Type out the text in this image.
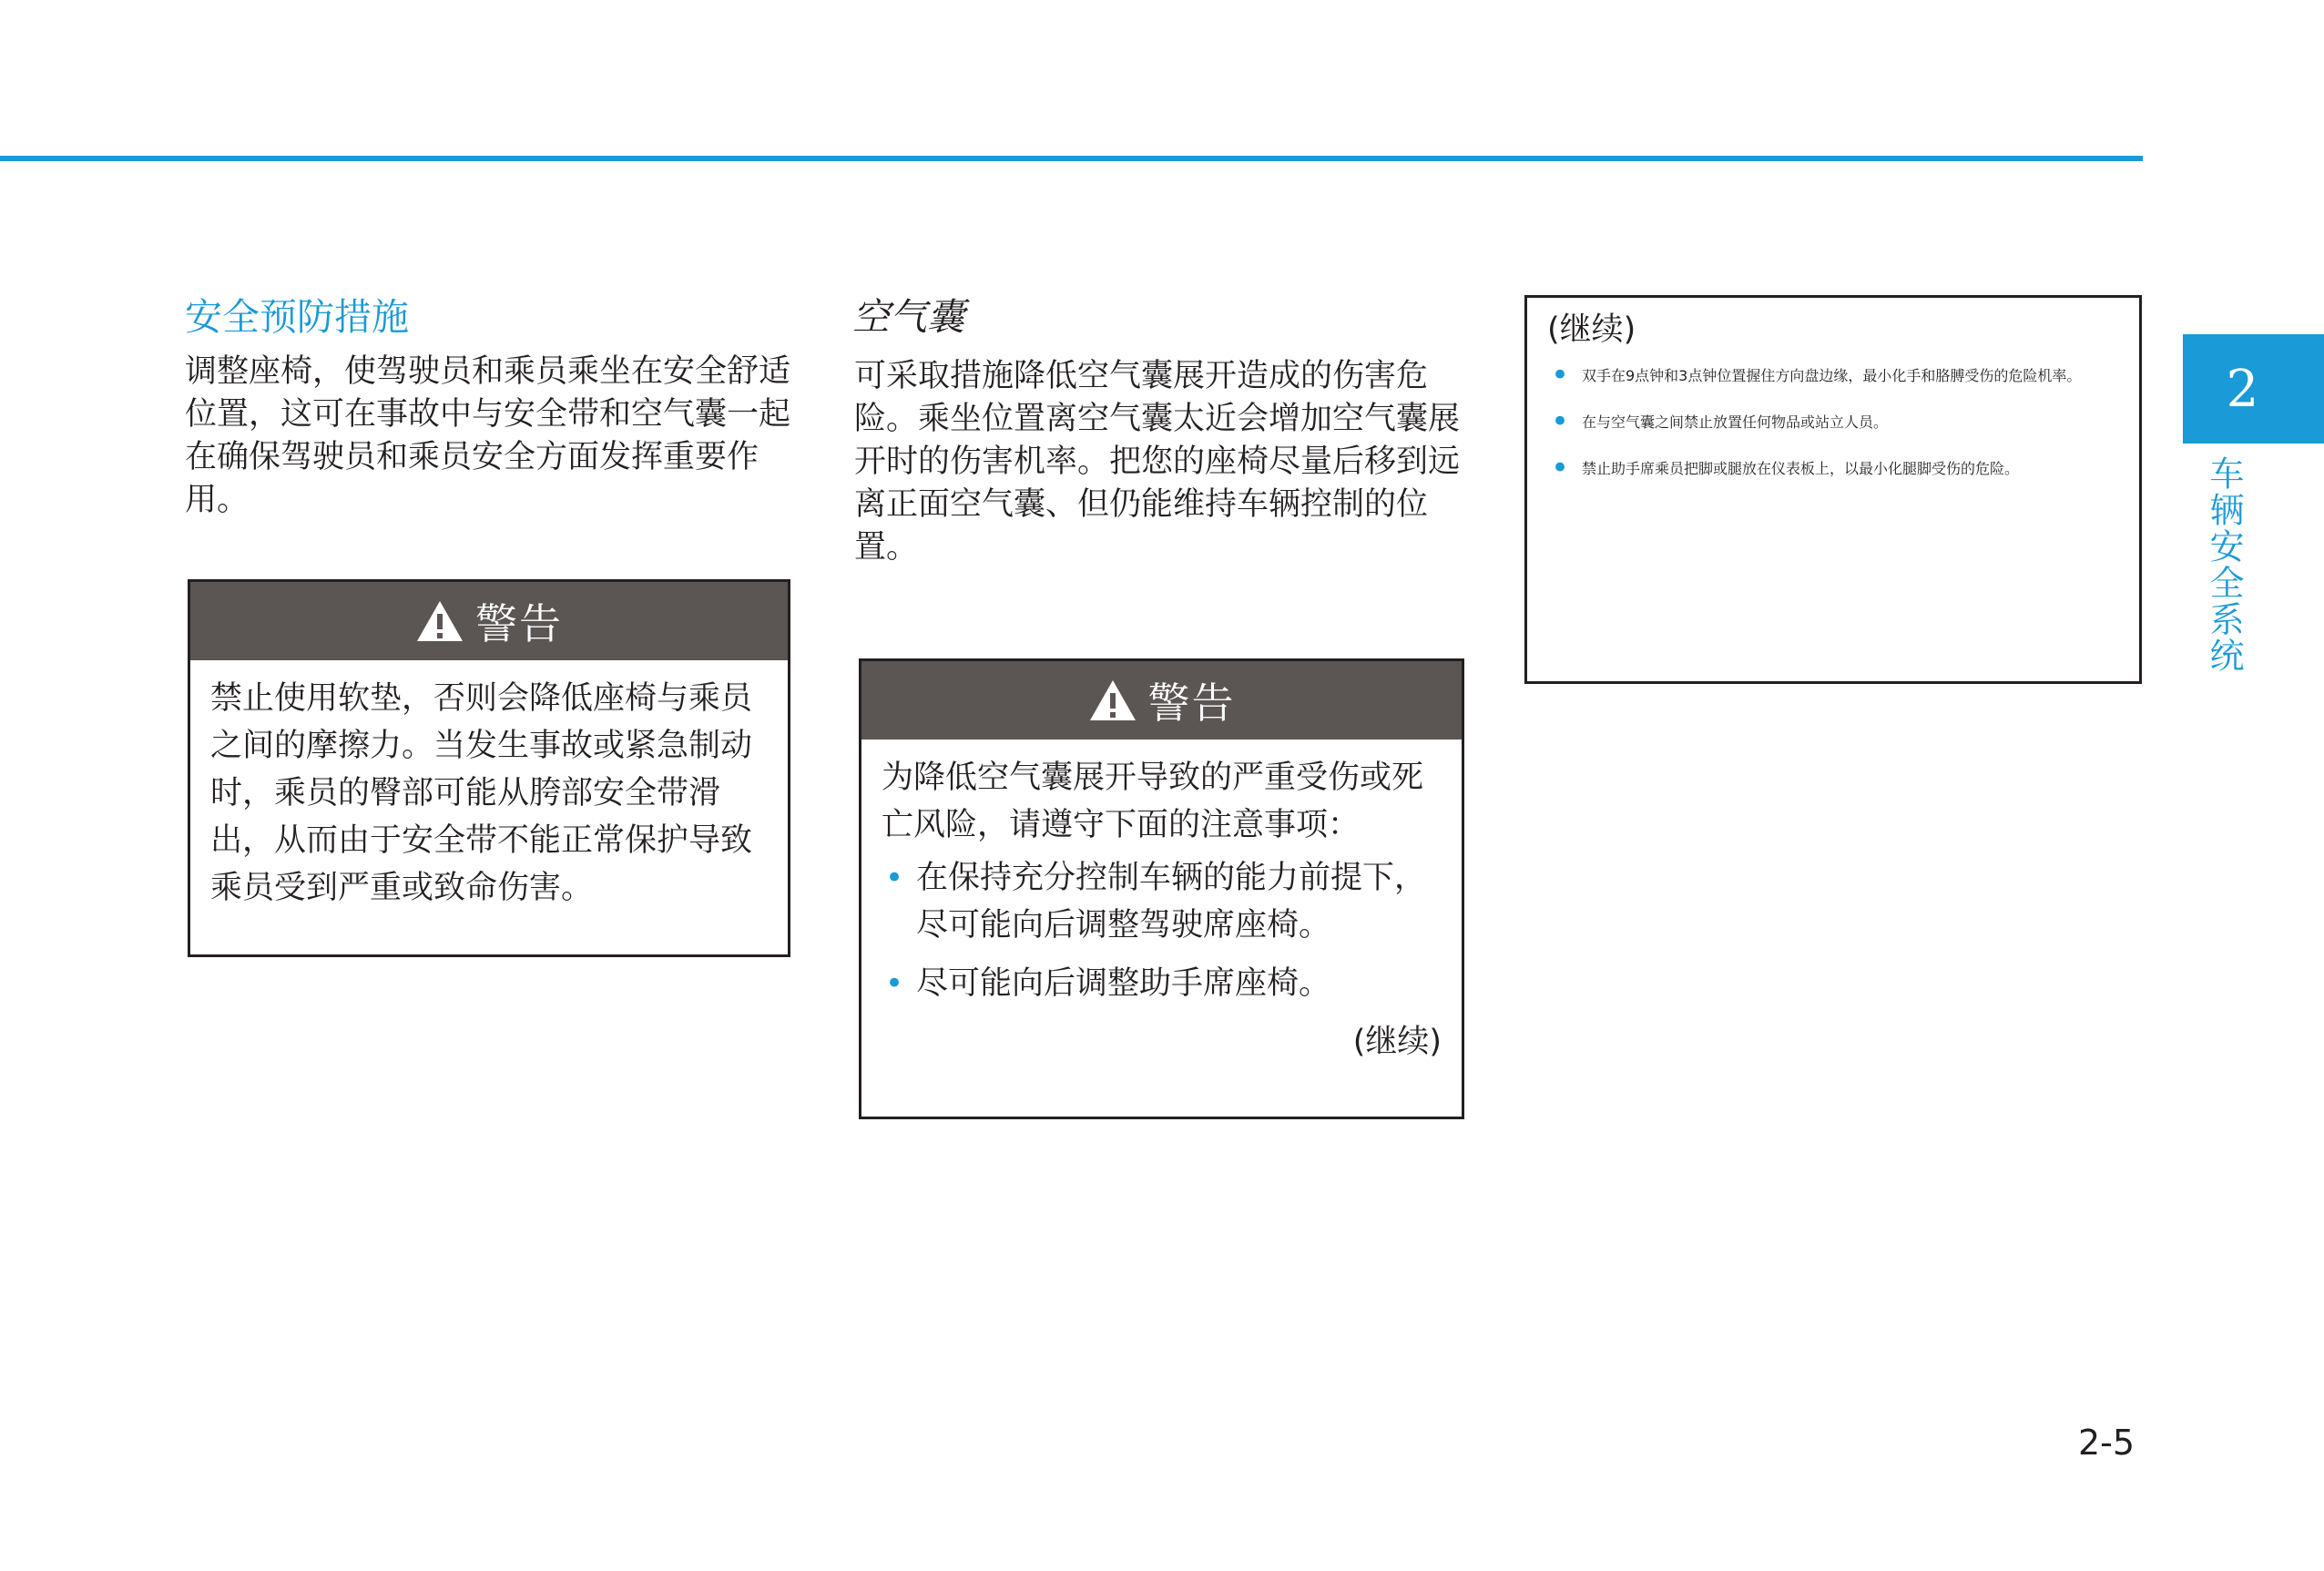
安全预防措施
调整座椅，使驾驶员和乘员乘坐在安全舒适位置，这可在事故中与安全带和空气囊一起在确保驾驶员和乘员安全方面发挥重要作用。
警告
禁止使用软垫，否则会降低座椅与乘员之间的摩擦力。当发生事故或紧急制动时，乘员的臀部可能从胯部安全带滑出，从而由于安全带不能正常保护导致乘员受到严重或致命伤害。
空气囊
可采取措施降低空气囊展开造成的伤害危险。乘坐位置离空气囊太近会增加空气囊展开时的伤害机率。把您的座椅尽量后移到远离正面空气囊、但仍能维持车辆控制的位置。
警告
为降低空气囊展开导致的严重受伤或死亡风险，请遵守下面的注意事项：
• 在保持充分控制车辆的能力前提下，尽可能向后调整驾驶席座椅。
• 尽可能向后调整助手席座椅。
(继续)
(继续)
• 双手在9点钟和3点钟位置握住方向盘边缘，最小化手和胳膊受伤的危险机率。
• 在与空气囊之间禁止放置任何物品或站立人员。
• 禁止助手席乘员把脚或腿放在仪表板上，以最小化腿脚受伤的危险。
2
车辆安全系统
2-5
